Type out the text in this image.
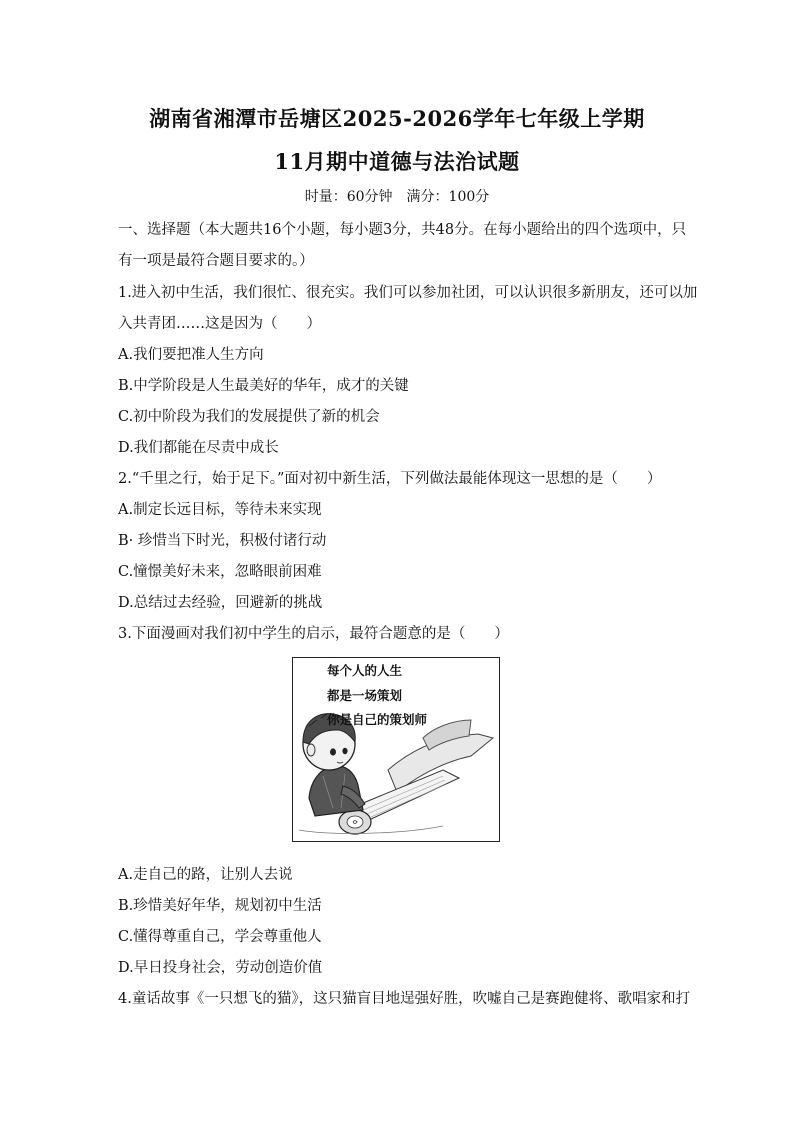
湖南省湘潭市岳塘区2025-2026学年七年级上学期
11月期中道德与法治试题
时量：60分钟　满分：100分
一、选择题（本大题共16个小题，每小题3分，共48分。在每小题给出的四个选项中，只
有一项是最符合题目要求的。）
1.进入初中生活，我们很忙、很充实。我们可以参加社团，可以认识很多新朋友，还可以加
入共青团……这是因为（　　）
A.我们要把准人生方向
B.中学阶段是人生最美好的华年，成才的关键
C.初中阶段为我们的发展提供了新的机会
D.我们都能在尽责中成长
2.“千里之行，始于足下。”面对初中新生活，下列做法最能体现这一思想的是（　　）
A.制定长远目标，等待未来实现
B· 珍惜当下时光，积极付诸行动
C.憧憬美好未来，忽略眼前困难
D.总结过去经验，回避新的挑战
3.下面漫画对我们初中学生的启示，最符合题意的是（　　）
每个人的人生
都是一场策划
你是自己的策划师
A.走自己的路，让别人去说
B.珍惜美好年华，规划初中生活
C.懂得尊重自己，学会尊重他人
D.早日投身社会，劳动创造价值
4.童话故事《一只想飞的猫》，这只猫盲目地逞强好胜，吹嘘自己是赛跑健将、歌唱家和打
